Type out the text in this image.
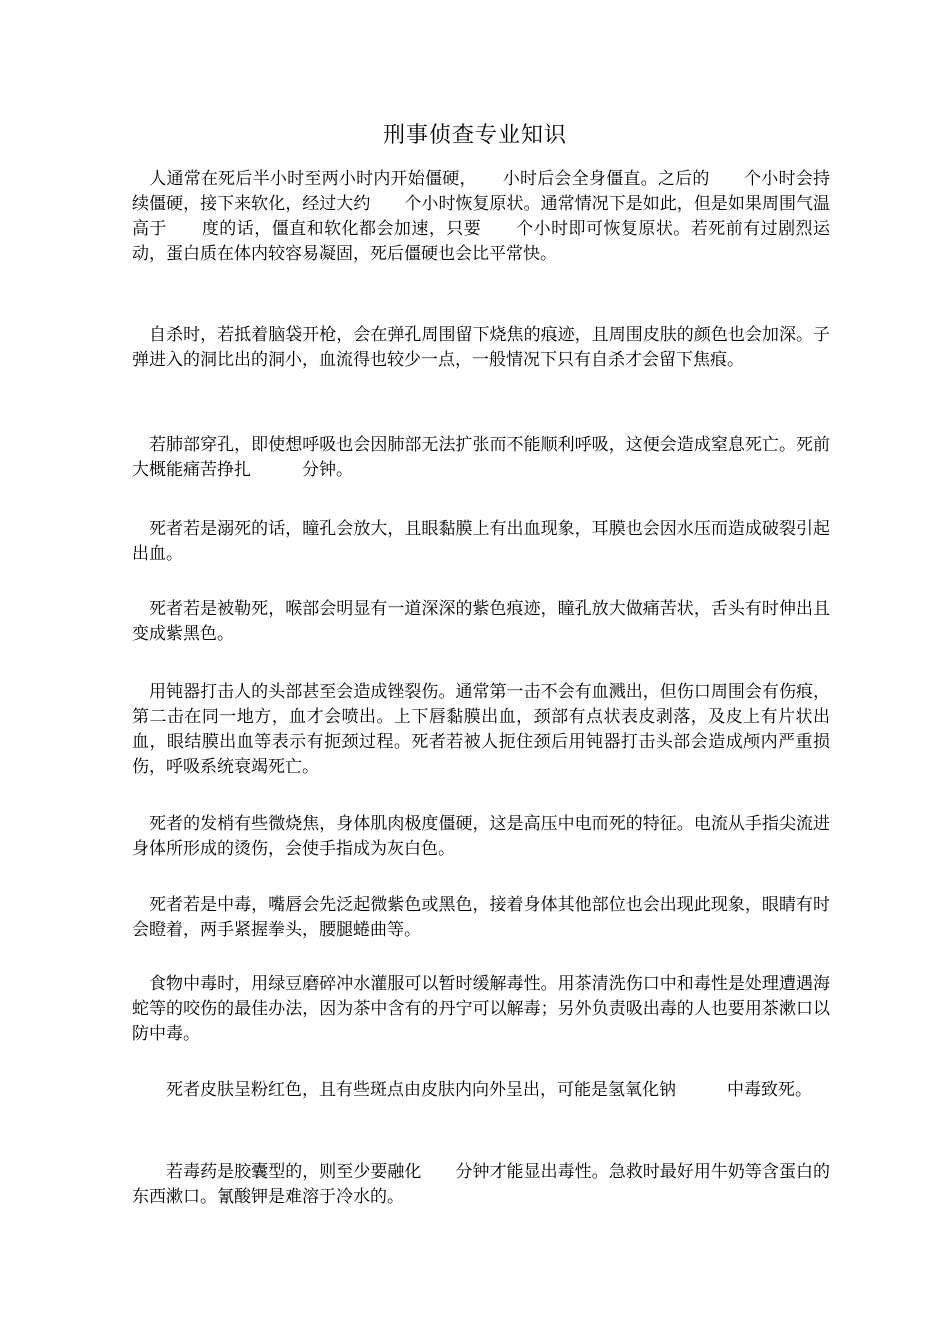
刑事侦查专业知识
　人通常在死后半小时至两小时内开始僵硬，　　小时后会全身僵直。之后的　　个小时会持续僵硬，接下来软化，经过大约　　个小时恢复原状。通常情况下是如此，但是如果周围气温高于　　度的话，僵直和软化都会加速，只要　　个小时即可恢复原状。若死前有过剧烈运动，蛋白质在体内较容易凝固，死后僵硬也会比平常快。
　自杀时，若抵着脑袋开枪，会在弹孔周围留下烧焦的痕迹，且周围皮肤的颜色也会加深。子弹进入的洞比出的洞小，血流得也较少一点，一般情况下只有自杀才会留下焦痕。
　若肺部穿孔，即使想呼吸也会因肺部无法扩张而不能顺利呼吸，这便会造成窒息死亡。死前大概能痛苦挣扎　　　分钟。
　死者若是溺死的话，瞳孔会放大，且眼黏膜上有出血现象，耳膜也会因水压而造成破裂引起出血。
　死者若是被勒死，喉部会明显有一道深深的紫色痕迹，瞳孔放大做痛苦状，舌头有时伸出且变成紫黑色。
　用钝器打击人的头部甚至会造成锉裂伤。通常第一击不会有血溅出，但伤口周围会有伤痕，第二击在同一地方，血才会喷出。上下唇黏膜出血，颈部有点状表皮剥落，及皮上有片状出血，眼结膜出血等表示有扼颈过程。死者若被人扼住颈后用钝器打击头部会造成颅内严重损伤，呼吸系统衰竭死亡。
　死者的发梢有些微烧焦，身体肌肉极度僵硬，这是高压中电而死的特征。电流从手指尖流进身体所形成的烫伤，会使手指成为灰白色。
　死者若是中毒，嘴唇会先泛起微紫色或黑色，接着身体其他部位也会出现此现象，眼睛有时会瞪着，两手紧握拳头，腰腿蜷曲等。
　食物中毒时，用绿豆磨碎冲水灌服可以暂时缓解毒性。用茶清洗伤口中和毒性是处理遭遇海蛇等的咬伤的最佳办法，因为茶中含有的丹宁可以解毒；另外负责吸出毒的人也要用茶漱口以防中毒。
　　死者皮肤呈粉红色，且有些斑点由皮肤内向外呈出，可能是氢氧化钠　　　中毒致死。
　　若毒药是胶囊型的，则至少要融化　　分钟才能显出毒性。急救时最好用牛奶等含蛋白的东西漱口。氰酸钾是难溶于冷水的。
